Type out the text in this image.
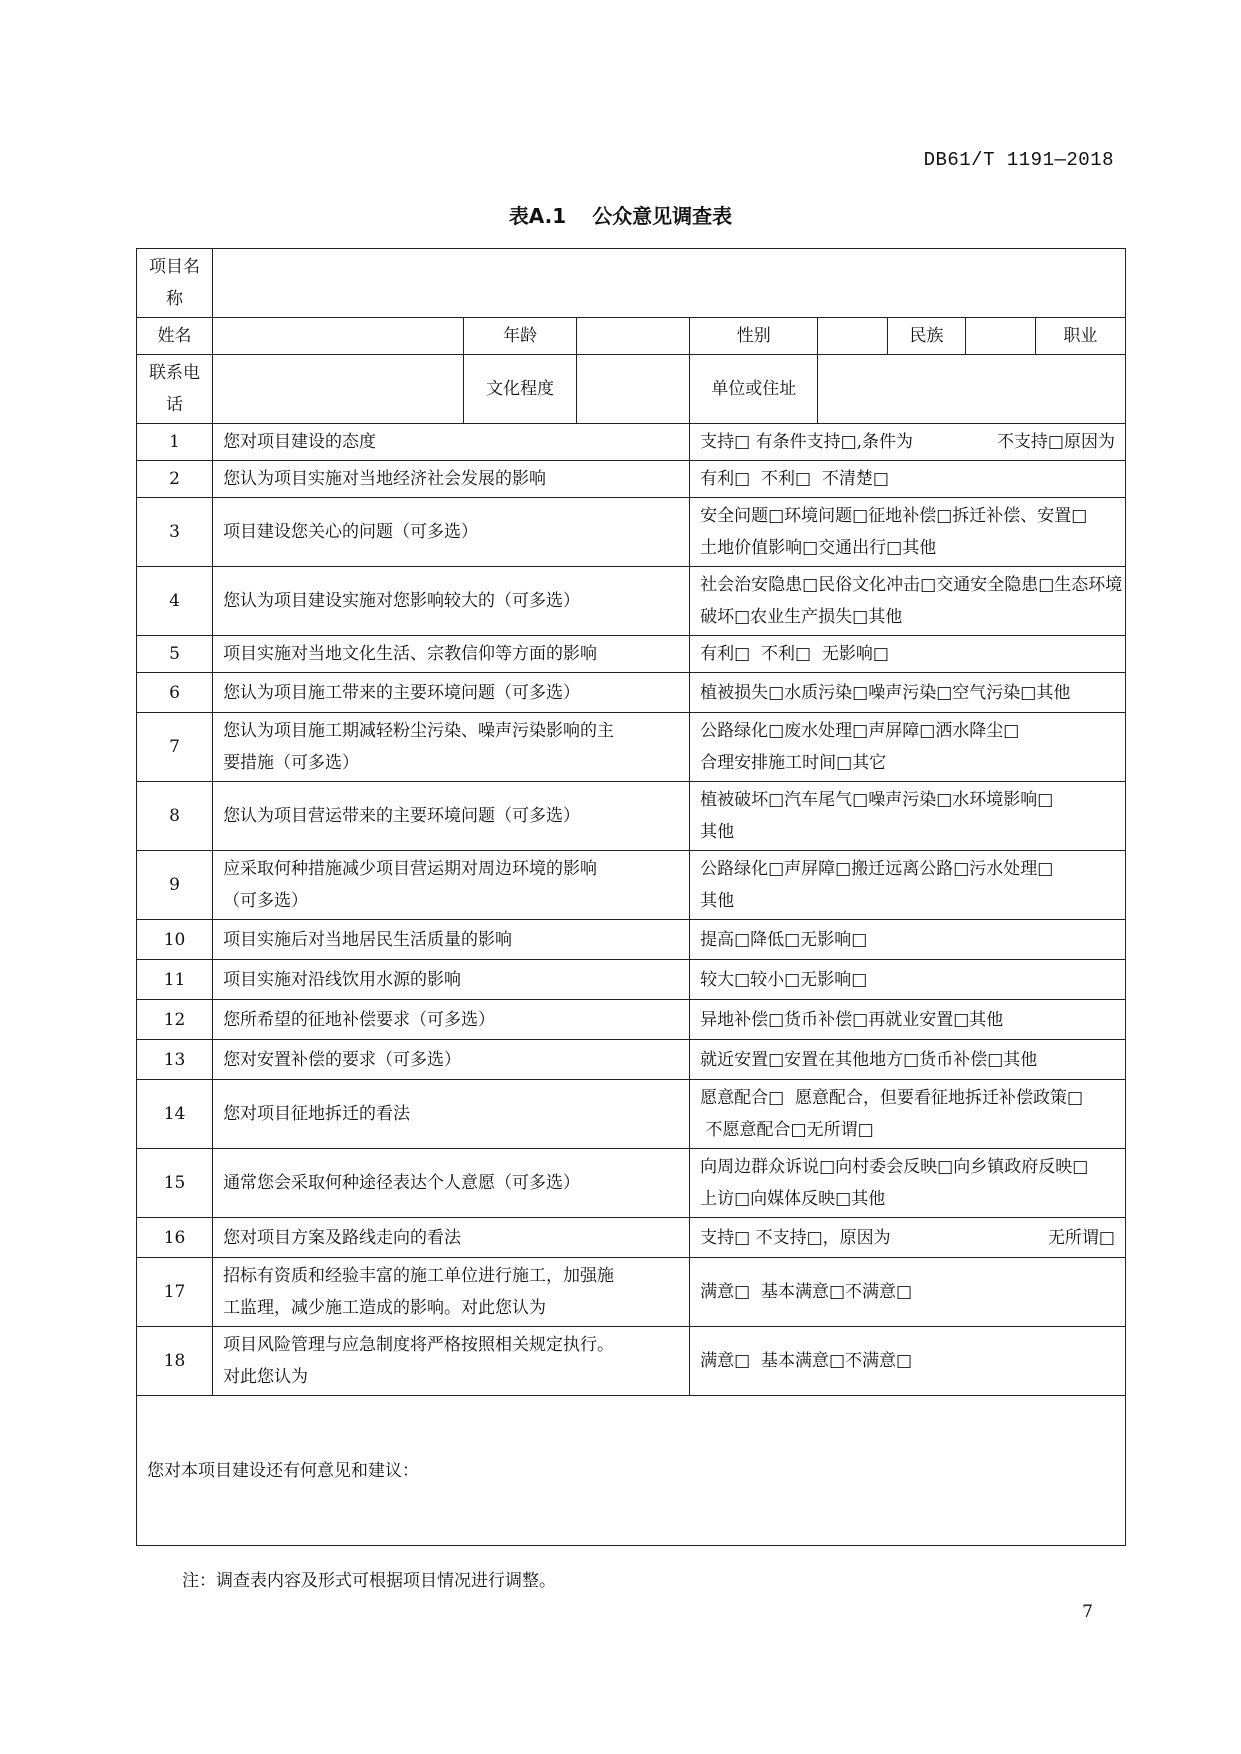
DB61/T 1191—2018
表A.1 公众意见调查表
项目名称								
姓名		年龄		性别		民族		职业
联系电话		文化程度		单位或住址				
1	您对项目建设的态度			支持□ 有条件支持□,条件为 不支持□原因为				

2	您认为项目实施对当地经济社会发展的影响			有利□  不利□  不清楚□				

3	项目建设您关心的问题（可多选）			安全问题□环境问题□征地补偿□拆迁补偿、安置□
土地价值影响□交通出行□其他				

4	您认为项目建设实施对您影响较大的（可多选）			社会治安隐患□民俗文化冲击□交通安全隐患□生态环境
破坏□农业生产损失□其他				

5	项目实施对当地文化生活、宗教信仰等方面的影响			有利□  不利□  无影响□				

6	您认为项目施工带来的主要环境问题（可多选）			植被损失□水质污染□噪声污染□空气污染□其他				

7	您认为项目施工期减轻粉尘污染、噪声污染影响的主
要措施（可多选）			公路绿化□废水处理□声屏障□洒水降尘□
合理安排施工时间□其它				

8	您认为项目营运带来的主要环境问题（可多选）			植被破坏□汽车尾气□噪声污染□水环境影响□
其他				

9	应采取何种措施减少项目营运期对周边环境的影响
（可多选）			公路绿化□声屏障□搬迁远离公路□污水处理□
其他				

10	项目实施后对当地居民生活质量的影响			提高□降低□无影响□				

11	项目实施对沿线饮用水源的影响			较大□较小□无影响□				

12	您所希望的征地补偿要求（可多选）			异地补偿□货币补偿□再就业安置□其他				

13	您对安置补偿的要求（可多选）			就近安置□安置在其他地方□货币补偿□其他				

14	您对项目征地拆迁的看法			愿意配合□  愿意配合，但要看征地拆迁补偿政策□
不愿意配合□无所谓□				

15	通常您会采取何种途径表达个人意愿（可多选）			向周边群众诉说□向村委会反映□向乡镇政府反映□
上访□向媒体反映□其他				

16	您对项目方案及路线走向的看法			支持□ 不支持□，原因为 无所谓□				

17	招标有资质和经验丰富的施工单位进行施工，加强施
工监理，减少施工造成的影响。对此您认为			满意□  基本满意□不满意□				

18	项目风险管理与应急制度将严格按照相关规定执行。
对此您认为			满意□  基本满意□不满意□				

您对本项目建设还有何意见和建议：								
注：调查表内容及形式可根据项目情况进行调整。
7
